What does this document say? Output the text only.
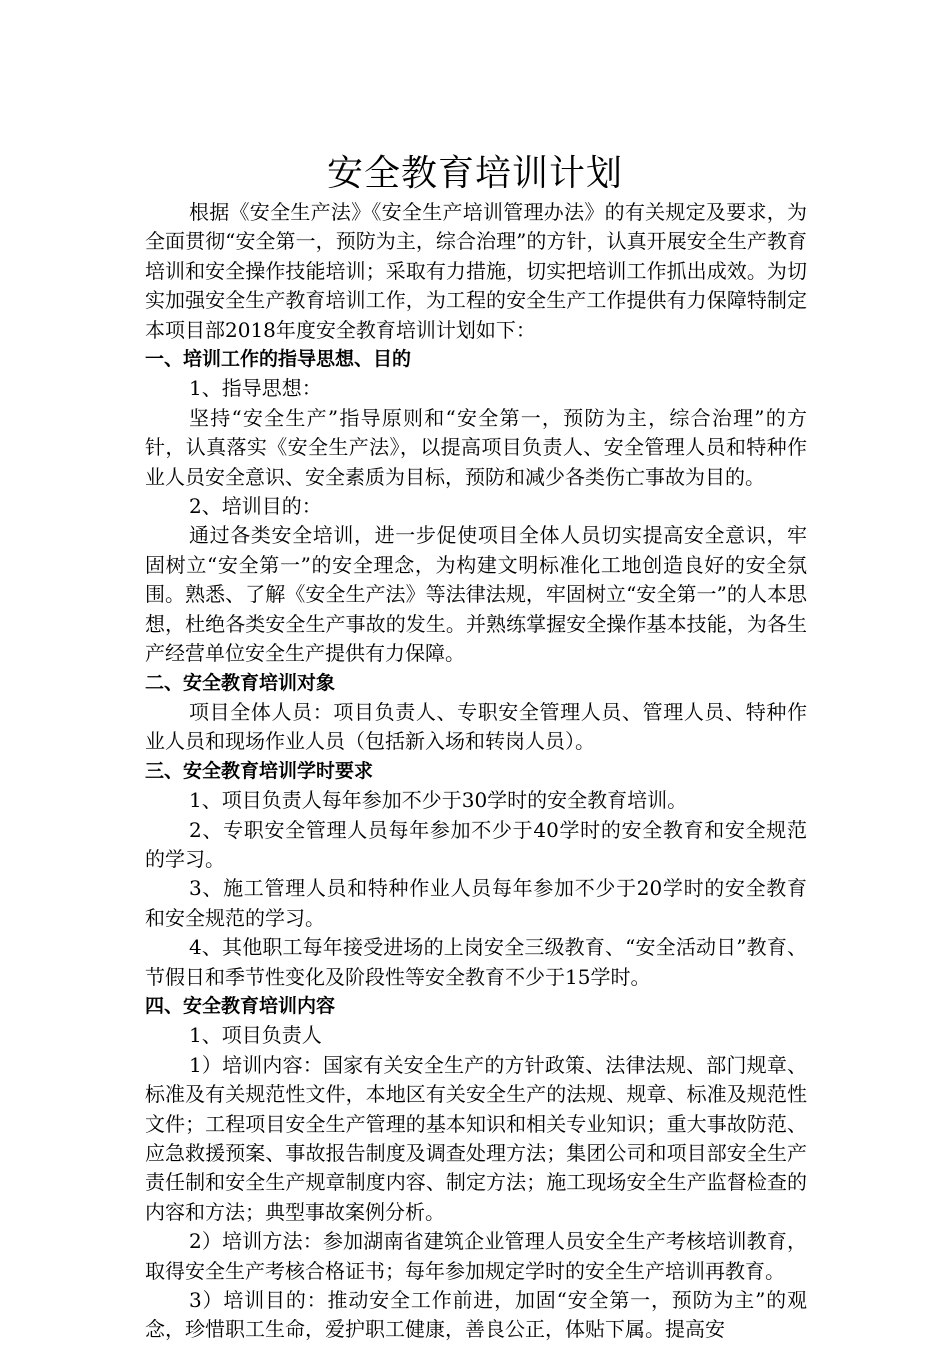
安全教育培训计划

根据《安全生产法》《安全生产培训管理办法》的有关规定及要求，为全面贯彻“安全第一，预防为主，综合治理”的方针，认真开展安全生产教育培训和安全操作技能培训；采取有力措施，切实把培训工作抓出成效。为切实加强安全生产教育培训工作，为工程的安全生产工作提供有力保障特制定本项目部2018年度安全教育培训计划如下：

一、培训工作的指导思想、目的

1、指导思想：

坚持“安全生产”指导原则和“安全第一，预防为主，综合治理”的方针，认真落实《安全生产法》，以提高项目负责人、安全管理人员和特种作业人员安全意识、安全素质为目标，预防和减少各类伤亡事故为目的。

2、培训目的：

通过各类安全培训，进一步促使项目全体人员切实提高安全意识，牢固树立“安全第一”的安全理念，为构建文明标准化工地创造良好的安全氛围。熟悉、了解《安全生产法》等法律法规，牢固树立“安全第一”的人本思想，杜绝各类安全生产事故的发生。并熟练掌握安全操作基本技能，为各生产经营单位安全生产提供有力保障。

二、安全教育培训对象

项目全体人员：项目负责人、专职安全管理人员、管理人员、特种作业人员和现场作业人员（包括新入场和转岗人员）。

三、安全教育培训学时要求

1、项目负责人每年参加不少于30学时的安全教育培训。

2、专职安全管理人员每年参加不少于40学时的安全教育和安全规范的学习。

3、施工管理人员和特种作业人员每年参加不少于20学时的安全教育和安全规范的学习。

4、其他职工每年接受进场的上岗安全三级教育、“安全活动日”教育、节假日和季节性变化及阶段性等安全教育不少于15学时。

四、安全教育培训内容

1、项目负责人

1）培训内容：国家有关安全生产的方针政策、法律法规、部门规章、标准及有关规范性文件，本地区有关安全生产的法规、规章、标准及规范性文件；工程项目安全生产管理的基本知识和相关专业知识；重大事故防范、应急救援预案、事故报告制度及调查处理方法；集团公司和项目部安全生产责任制和安全生产规章制度内容、制定方法；施工现场安全生产监督检查的内容和方法；典型事故案例分析。

2）培训方法：参加湖南省建筑企业管理人员安全生产考核培训教育，取得安全生产考核合格证书；每年参加规定学时的安全生产培训再教育。

3）培训目的：推动安全工作前进，加固“安全第一，预防为主”的观念，珍惜职工生命，爱护职工健康，善良公正，体贴下属。提高安
